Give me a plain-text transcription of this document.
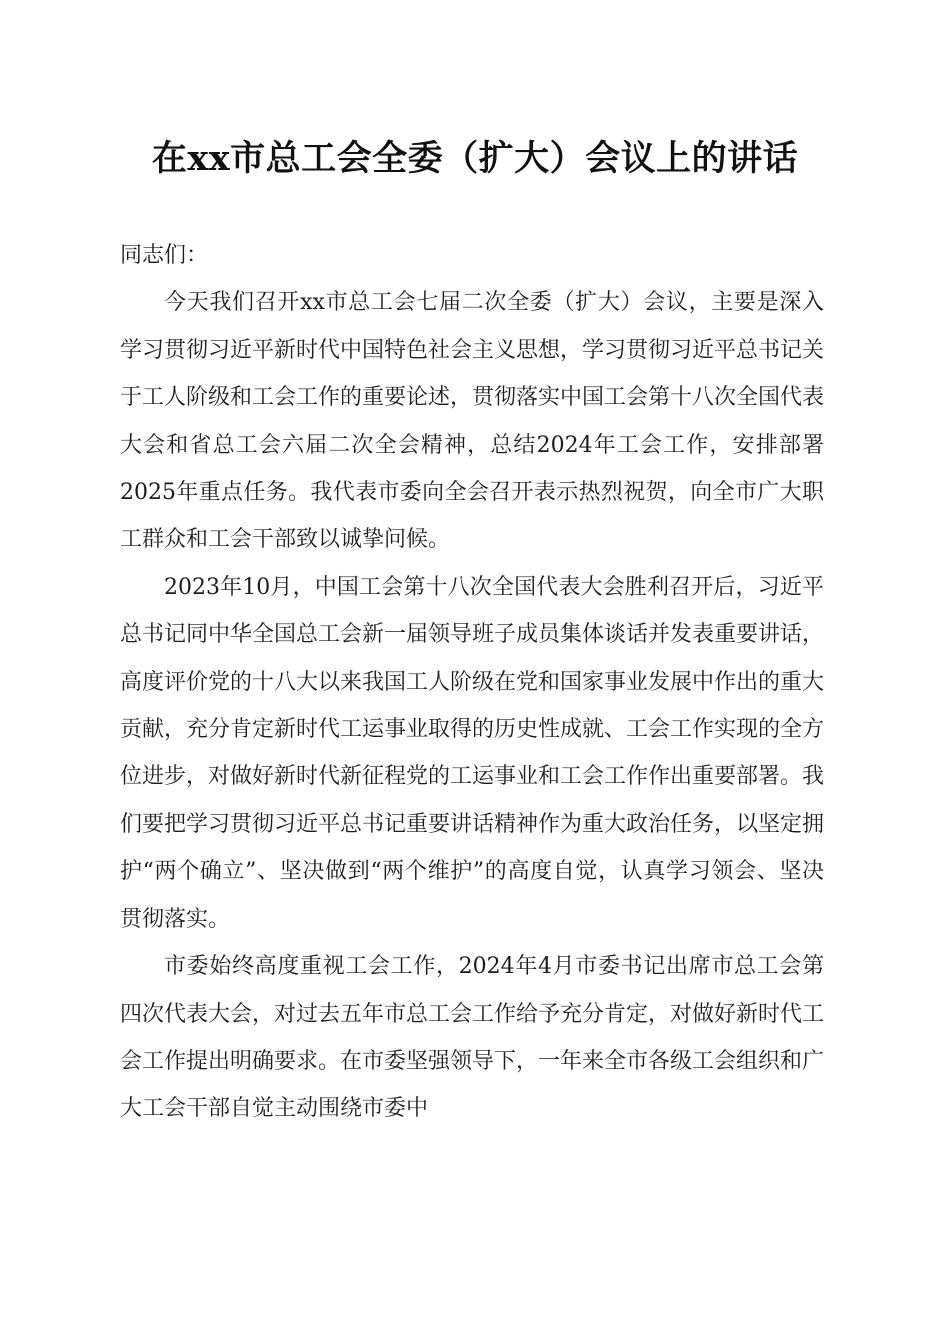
在xx市总工会全委（扩大）会议上的讲话

同志们：

今天我们召开xx市总工会七届二次全委（扩大）会议，主要是深入学习贯彻习近平新时代中国特色社会主义思想，学习贯彻习近平总书记关于工人阶级和工会工作的重要论述，贯彻落实中国工会第十八次全国代表大会和省总工会六届二次全会精神，总结2024年工会工作，安排部署2025年重点任务。我代表市委向全会召开表示热烈祝贺，向全市广大职工群众和工会干部致以诚挚问候。

2023年10月，中国工会第十八次全国代表大会胜利召开后，习近平总书记同中华全国总工会新一届领导班子成员集体谈话并发表重要讲话，高度评价党的十八大以来我国工人阶级在党和国家事业发展中作出的重大贡献，充分肯定新时代工运事业取得的历史性成就、工会工作实现的全方位进步，对做好新时代新征程党的工运事业和工会工作作出重要部署。我们要把学习贯彻习近平总书记重要讲话精神作为重大政治任务，以坚定拥护“两个确立”、坚决做到“两个维护”的高度自觉，认真学习领会、坚决贯彻落实。

市委始终高度重视工会工作，2024年4月市委书记出席市总工会第四次代表大会，对过去五年市总工会工作给予充分肯定，对做好新时代工会工作提出明确要求。在市委坚强领导下，一年来全市各级工会组织和广大工会干部自觉主动围绕市委中
